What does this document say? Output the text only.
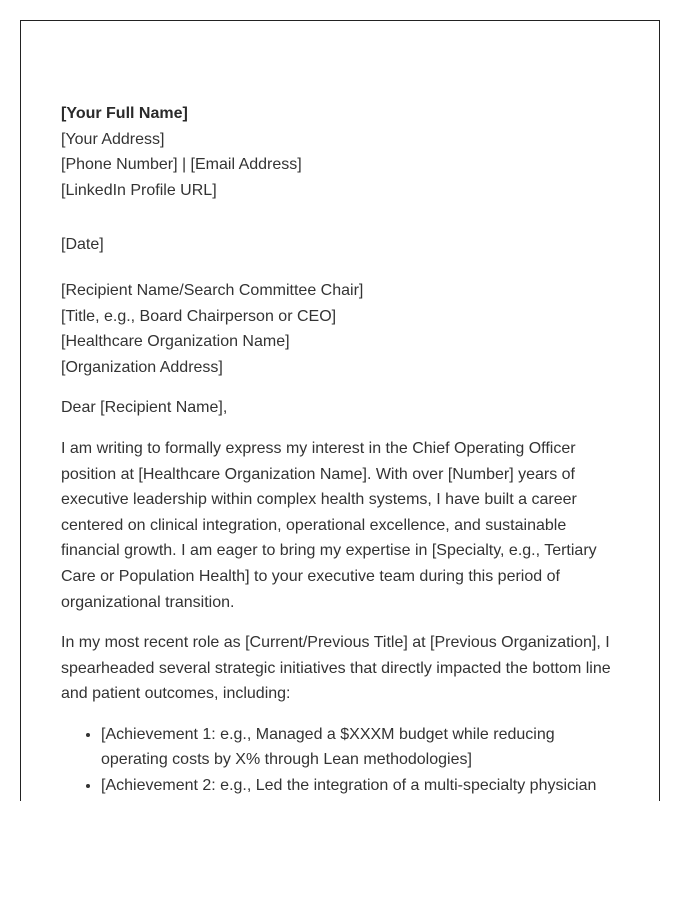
[Your Full Name]
[Your Address]
[Phone Number] | [Email Address]
[LinkedIn Profile URL]
[Date]
[Recipient Name/Search Committee Chair]
[Title, e.g., Board Chairperson or CEO]
[Healthcare Organization Name]
[Organization Address]
Dear [Recipient Name],

I am writing to formally express my interest in the Chief Operating Officer position at [Healthcare Organization Name]. With over [Number] years of executive leadership within complex health systems, I have built a career centered on clinical integration, operational excellence, and sustainable financial growth. I am eager to bring my expertise in [Specialty, e.g., Tertiary Care or Population Health] to your executive team during this period of organizational transition.

In my most recent role as [Current/Previous Title] at [Previous Organization], I spearheaded several strategic initiatives that directly impacted the bottom line and patient outcomes, including:

• [Achievement 1: e.g., Managed a $XXXM budget while reducing operating costs by X% through Lean methodologies]
• [Achievement 2: e.g., Led the integration of a multi-specialty physician
